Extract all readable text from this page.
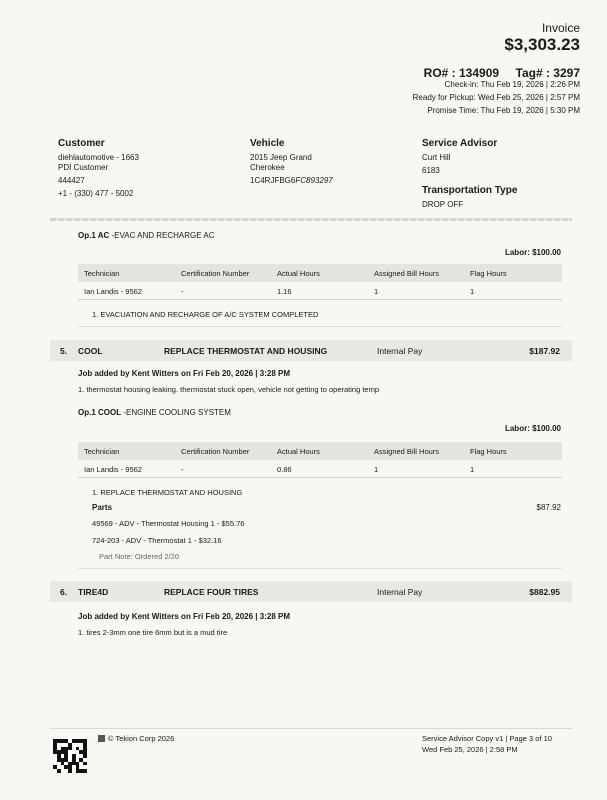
Invoice
$3,303.23
RO# : 134909 Tag# : 3297
Check-in: Thu Feb 19, 2026 | 2:26 PM
Ready for Pickup: Wed Feb 25, 2026 | 2:57 PM
Promise Time: Thu Feb 19, 2026 | 5:30 PM
Customer
diehlautomotive - 1663
PDI Customer
444427
+1 - (330) 477 - 5002
Vehicle
2015 Jeep Grand
Cherokee
1C4RJFBG6FC893297
Service Advisor
Curt Hill
6183
Transportation Type
DROP OFF
Op.1 AC -EVAC AND RECHARGE AC
Labor: $100.00
Technician	Certification Number	Actual Hours	Assigned Bill Hours	Flag Hours
Ian Landis - 9562	-	1.16	1	1
1. EVACUATION AND RECHARGE OF A/C SYSTEM COMPLETED
5. COOL	REPLACE THERMOSTAT AND HOUSING	Internal Pay	$187.92
Job added by Kent Witters on Fri Feb 20, 2026 | 3:28 PM
1. thermostat housing leaking. thermostat stuck open, vehicle not getting to operating temp
Op.1 COOL -ENGINE COOLING SYSTEM
Labor: $100.00
Technician	Certification Number	Actual Hours	Assigned Bill Hours	Flag Hours
Ian Landis - 9562	-	0.86	1	1
1. REPLACE THERMOSTAT AND HOUSING
Parts	$87.92
49569 - ADV - Thermostat Housing 1 - $55.76
724-203 - ADV - Thermostat 1 - $32.16
Part Note: Ordered 2/20
6. TIRE4D	REPLACE FOUR TIRES	Internal Pay	$882.95
Job added by Kent Witters on Fri Feb 20, 2026 | 3:28 PM
1. tires 2-3mm one tire 6mm but is a mud tire
© Tekion Corp 2026	Service Advisor Copy v1 | Page 3 of 10
Wed Feb 25, 2026 | 2:58 PM
